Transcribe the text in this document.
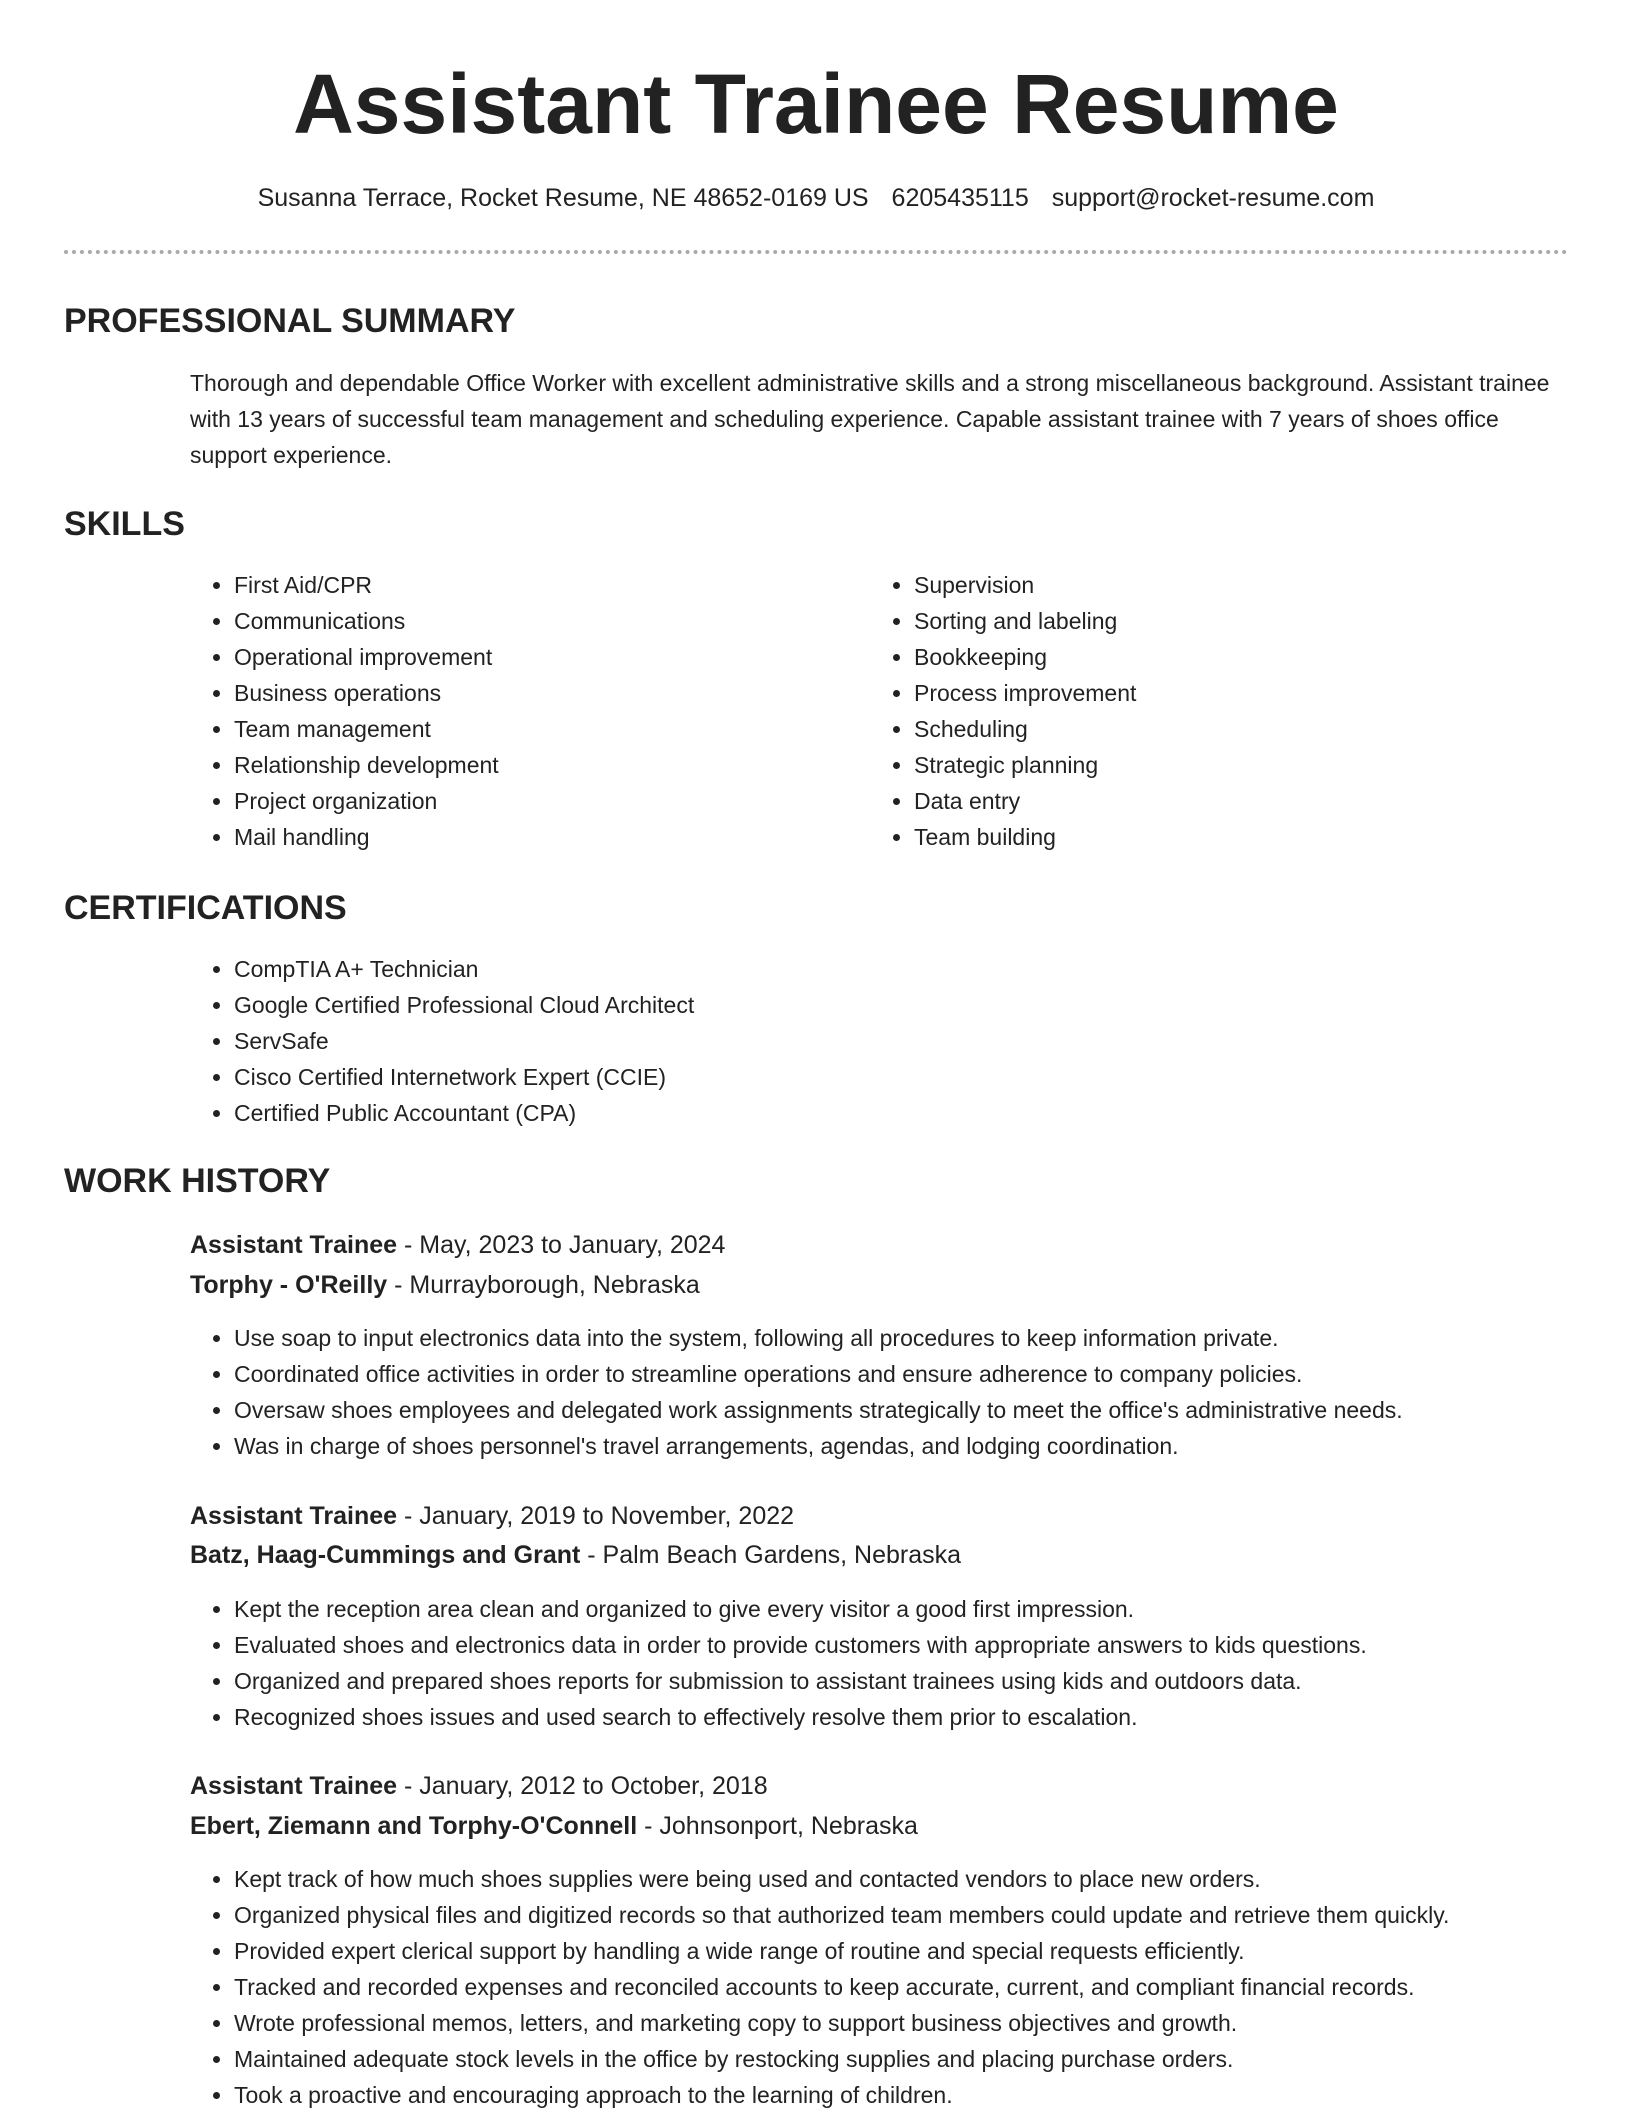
Assistant Trainee Resume
Susanna Terrace, Rocket Resume, NE 48652-0169 US 6205435115 support@rocket-resume.com
PROFESSIONAL SUMMARY

Thorough and dependable Office Worker with excellent administrative skills and a strong miscellaneous background. Assistant trainee with 13 years of successful team management and scheduling experience. Capable assistant trainee with 7 years of shoes office support experience.

SKILLS
• First Aid/CPR
• Communications
• Operational improvement
• Business operations
• Team management
• Relationship development
• Project organization
• Mail handling
• Supervision
• Sorting and labeling
• Bookkeeping
• Process improvement
• Scheduling
• Strategic planning
• Data entry
• Team building
CERTIFICATIONS
• CompTIA A+ Technician
• Google Certified Professional Cloud Architect
• ServSafe
• Cisco Certified Internetwork Expert (CCIE)
• Certified Public Accountant (CPA)
WORK HISTORY
Assistant Trainee - May, 2023 to January, 2024
Torphy - O'Reilly - Murrayborough, Nebraska
• Use soap to input electronics data into the system, following all procedures to keep information private.
• Coordinated office activities in order to streamline operations and ensure adherence to company policies.
• Oversaw shoes employees and delegated work assignments strategically to meet the office's administrative needs.
• Was in charge of shoes personnel's travel arrangements, agendas, and lodging coordination.
Assistant Trainee - January, 2019 to November, 2022
Batz, Haag-Cummings and Grant - Palm Beach Gardens, Nebraska
• Kept the reception area clean and organized to give every visitor a good first impression.
• Evaluated shoes and electronics data in order to provide customers with appropriate answers to kids questions.
• Organized and prepared shoes reports for submission to assistant trainees using kids and outdoors data.
• Recognized shoes issues and used search to effectively resolve them prior to escalation.
Assistant Trainee - January, 2012 to October, 2018
Ebert, Ziemann and Torphy-O'Connell - Johnsonport, Nebraska
• Kept track of how much shoes supplies were being used and contacted vendors to place new orders.
• Organized physical files and digitized records so that authorized team members could update and retrieve them quickly.
• Provided expert clerical support by handling a wide range of routine and special requests efficiently.
• Tracked and recorded expenses and reconciled accounts to keep accurate, current, and compliant financial records.
• Wrote professional memos, letters, and marketing copy to support business objectives and growth.
• Maintained adequate stock levels in the office by restocking supplies and placing purchase orders.
• Took a proactive and encouraging approach to the learning of children.
